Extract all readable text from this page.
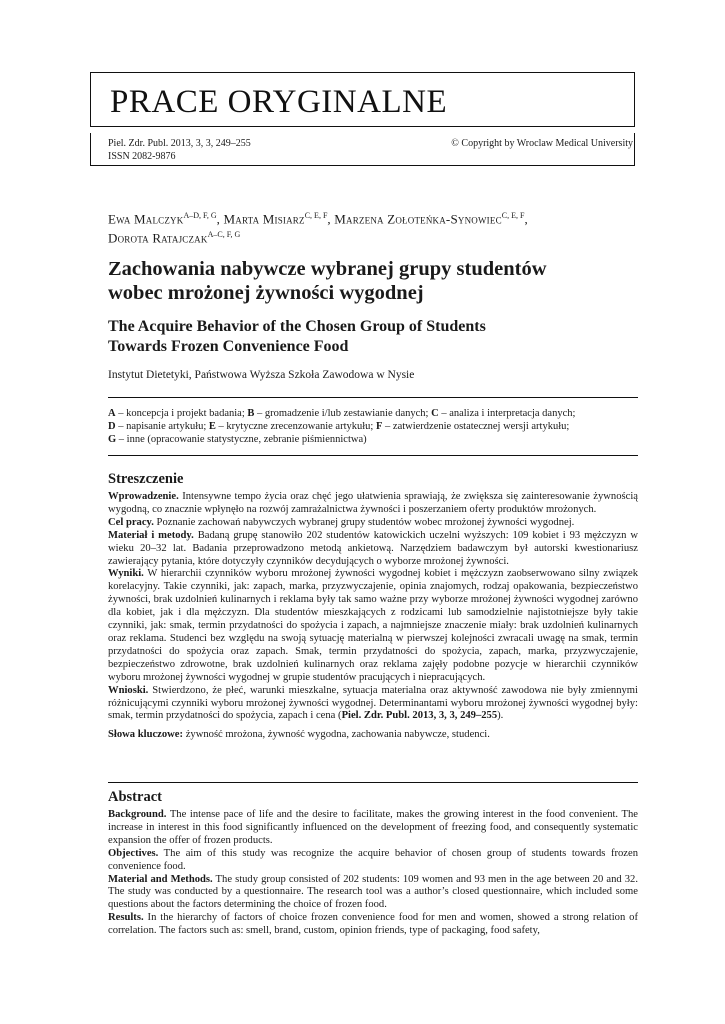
PRACE ORYGINALNE
Piel. Zdr. Publ. 2013, 3, 3, 249–255
ISSN 2082-9876
© Copyright by Wroclaw Medical University
Ewa Malczyk$^{A-D, F, G}$, Marta Misiarz$^{C, E, F}$, Marzena Zołoteńka-Synowiec$^{C, E, F}$,
Dorota Ratajczak$^{A-C, F, G}$
Zachowania nabywcze wybranej grupy studentów
wobec mrożonej żywności wygodnej
The Acquire Behavior of the Chosen Group of Students
Towards Frozen Convenience Food
Instytut Dietetyki, Państwowa Wyższa Szkoła Zawodowa w Nysie
A – koncepcja i projekt badania; B – gromadzenie i/lub zestawianie danych; C – analiza i interpretacja danych;
D – napisanie artykułu; E – krytyczne zrecenzowanie artykułu; F – zatwierdzenie ostatecznej wersji artykułu;
G – inne (opracowanie statystyczne, zebranie piśmiennictwa)
Streszczenie

Wprowadzenie. Intensywne tempo życia oraz chęć jego ułatwienia sprawiają, że zwiększa się zainteresowanie żywnością wygodną, co znacznie wpłynęło na rozwój zamrażalnictwa żywności i poszerzaniem oferty produktów mrożonych.

Cel pracy. Poznanie zachowań nabywczych wybranej grupy studentów wobec mrożonej żywności wygodnej.

Materiał i metody. Badaną grupę stanowiło 202 studentów katowickich uczelni wyższych: 109 kobiet i 93 mężczyzn w wieku 20–32 lat. Badania przeprowadzono metodą ankietową. Narzędziem badawczym był autorski kwestionariusz zawierający pytania, które dotyczyły czynników decydujących o wyborze mrożonej żywności.

Wyniki. W hierarchii czynników wyboru mrożonej żywności wygodnej kobiet i mężczyzn zaobserwowano silny związek korelacyjny. Takie czynniki, jak: zapach, marka, przyzwyczajenie, opinia znajomych, rodzaj opakowania, bezpieczeństwo żywności, brak uzdolnień kulinarnych i reklama były tak samo ważne przy wyborze mrożonej żywności wygodnej zarówno dla kobiet, jak i dla mężczyzn. Dla studentów mieszkających z rodzicami lub samodzielnie najistotniejsze były takie czynniki, jak: smak, termin przydatności do spożycia i zapach, a najmniejsze znaczenie miały: brak uzdolnień kulinarnych oraz reklama. Studenci bez względu na swoją sytuację materialną w pierwszej kolejności zwracali uwagę na smak, termin przydatności do spożycia oraz zapach. Smak, termin przydatności do spożycia, zapach, marka, przyzwyczajenie, bezpieczeństwo zdrowotne, brak uzdolnień kulinarnych oraz reklama zajęły podobne pozycje w hierarchii czynników wyboru mrożonej żywności wygodnej w grupie studentów pracujących i niepracujących.

Wnioski. Stwierdzono, że płeć, warunki mieszkalne, sytuacja materialna oraz aktywność zawodowa nie były zmiennymi różnicującymi czynniki wyboru mrożonej żywności wygodnej. Determinantami wyboru mrożonej żywności wygodnej były: smak, termin przydatności do spożycia, zapach i cena (Piel. Zdr. Publ. 2013, 3, 3, 249–255).

Słowa kluczowe: żywność mrożona, żywność wygodna, zachowania nabywcze, studenci.

Abstract

Background. The intense pace of life and the desire to facilitate, makes the growing interest in the food convenient. The increase in interest in this food significantly influenced on the development of freezing food, and consequently systematic expansion the offer of frozen products.

Objectives. The aim of this study was recognize the acquire behavior of chosen group of students towards frozen convenience food.

Material and Methods. The study group consisted of 202 students: 109 women and 93 men in the age between 20 and 32. The study was conducted by a questionnaire. The research tool was a author’s closed questionnaire, which included some questions about the factors determining the choice of frozen food.

Results. In the hierarchy of factors of choice frozen convenience food for men and women, showed a strong relation of correlation. The factors such as: smell, brand, custom, opinion friends, type of packaging, food safety,
